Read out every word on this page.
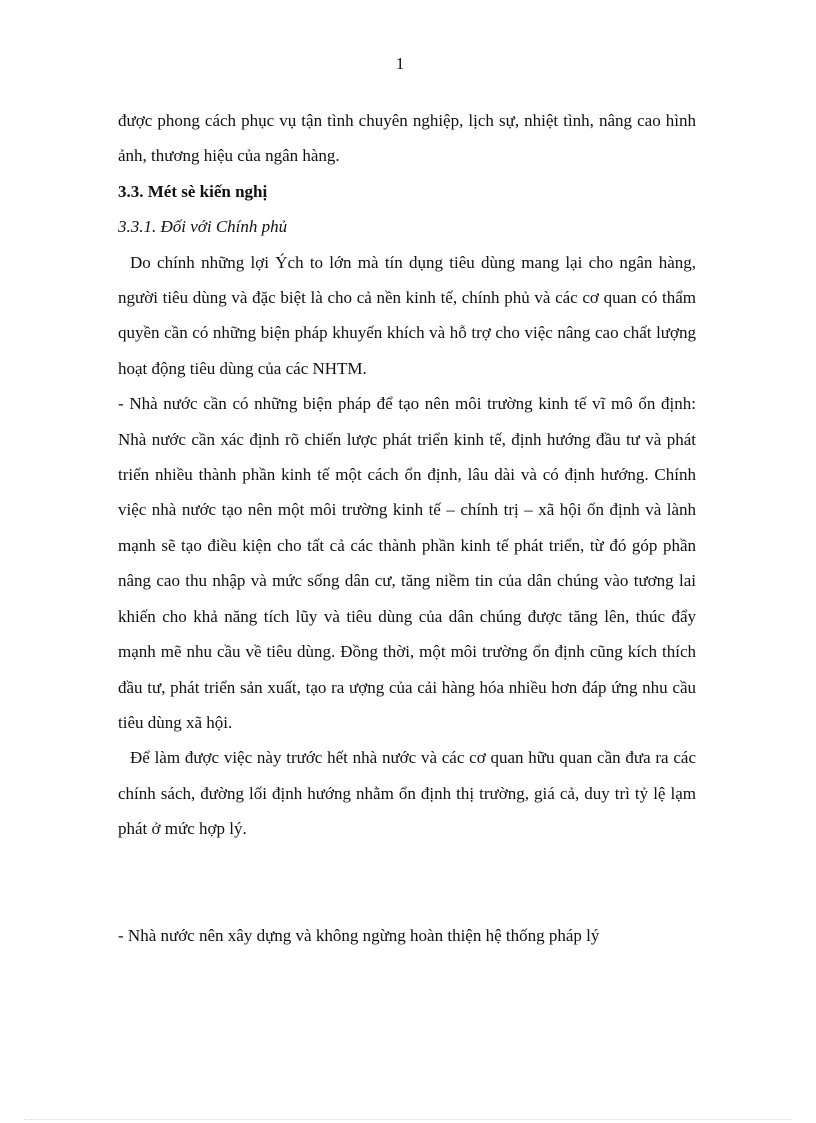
1

được phong cách phục vụ tận tình chuyên nghiệp, lịch sự, nhiệt tình, nâng cao hình ảnh, thương hiệu của ngân hàng.

3.3. Mét sè kiến nghị

3.3.1. Đối với Chính phủ

Do chính những lợi Ých to lớn mà tín dụng tiêu dùng mang lại cho ngân hàng, người tiêu dùng và đặc biệt là cho cả nền kinh tế, chính phủ và các cơ quan có thẩm quyền cần có những biện pháp khuyến khích và hỗ trợ cho việc nâng cao chất lượng hoạt động tiêu dùng của các NHTM.

- Nhà nước cần có những biện pháp để tạo nên môi trường kinh tế vĩ mô ổn định: Nhà nước cần xác định rõ chiến lược phát triển kinh tế, định hướng đầu tư và phát triển nhiều thành phần kinh tế một cách ổn định, lâu dài và có định hướng. Chính việc nhà nước tạo nên một môi trường kinh tế – chính trị – xã hội ổn định và lành mạnh sẽ tạo điều kiện cho tất cả các thành phần kinh tế phát triển, từ đó góp phần nâng cao thu nhập và mức sống dân cư, tăng niềm tin của dân chúng vào tương lai khiến cho khả năng tích lũy và tiêu dùng của dân chúng được tăng lên, thúc đẩy mạnh mẽ nhu cầu về tiêu dùng. Đồng thời, một môi trường ổn định cũng kích thích đầu tư, phát triển sản xuất, tạo ra ượng của cải hàng hóa nhiều hơn đáp ứng nhu cầu tiêu dùng xã hội.

Để làm được việc này trước hết nhà nước và các cơ quan hữu quan cần đưa ra các chính sách, đường lối định hướng nhằm ổn định thị trường, giá cả, duy trì tỷ lệ lạm phát ở mức hợp lý.

- Nhà nước nên xây dựng và không ngừng hoàn thiện hệ thống pháp lý
